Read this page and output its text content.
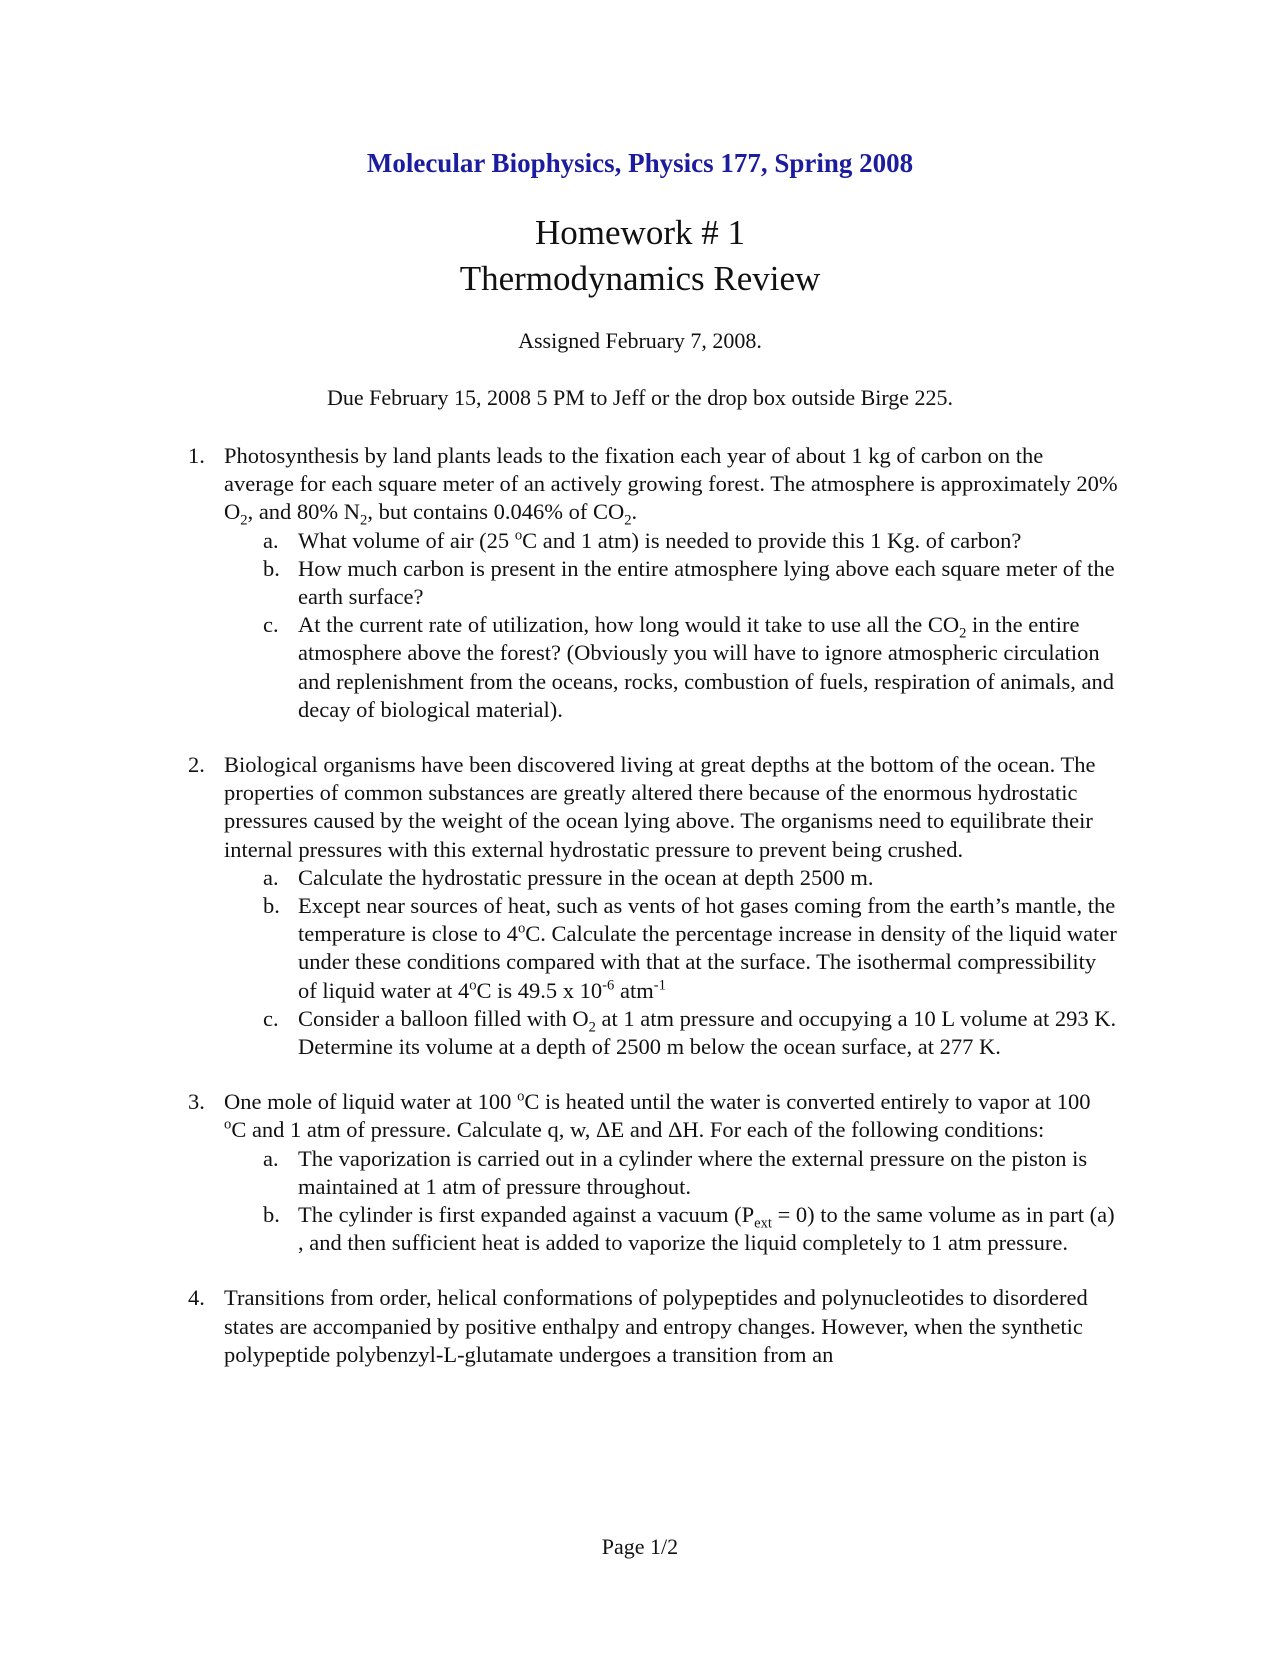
Molecular Biophysics, Physics 177, Spring 2008
Homework # 1
Thermodynamics Review
Assigned February 7, 2008.
Due February 15, 2008 5 PM to Jeff or the drop box outside Birge 225.
1. Photosynthesis by land plants leads to the fixation each year of about 1 kg of carbon on the average for each square meter of an actively growing forest. The atmosphere is approximately 20% $O_2$, and 80% $N_2$, but contains 0.046% of $CO_2$.
a. What volume of air (25 $^o$C and 1 atm) is needed to provide this 1 Kg. of carbon?
b. How much carbon is present in the entire atmosphere lying above each square meter of the earth surface?
c. At the current rate of utilization, how long would it take to use all the $CO_2$ in the entire atmosphere above the forest? (Obviously you will have to ignore atmospheric circulation and replenishment from the oceans, rocks, combustion of fuels, respiration of animals, and decay of biological material).
2. Biological organisms have been discovered living at great depths at the bottom of the ocean. The properties of common substances are greatly altered there because of the enormous hydrostatic pressures caused by the weight of the ocean lying above. The organisms need to equilibrate their internal pressures with this external hydrostatic pressure to prevent being crushed.
a. Calculate the hydrostatic pressure in the ocean at depth 2500 m.
b. Except near sources of heat, such as vents of hot gases coming from the earth’s mantle, the temperature is close to 4$^o$C. Calculate the percentage increase in density of the liquid water under these conditions compared with that at the surface. The isothermal compressibility of liquid water at 4$^o$C is 49.5 x $10^{-6}$ atm$^{-1}$
c. Consider a balloon filled with $O_2$ at 1 atm pressure and occupying a 10 L volume at 293 K. Determine its volume at a depth of 2500 m below the ocean surface, at 277 K.
3. One mole of liquid water at 100 $^o$C is heated until the water is converted entirely to vapor at 100 $^o$C and 1 atm of pressure. Calculate q, w, ΔE and ΔH. For each of the following conditions:
a. The vaporization is carried out in a cylinder where the external pressure on the piston is maintained at 1 atm of pressure throughout.
b. The cylinder is first expanded against a vacuum $(P_{ext} = 0)$ to the same volume as in part (a) , and then sufficient heat is added to vaporize the liquid completely to 1 atm pressure.
4. Transitions from order, helical conformations of polypeptides and polynucleotides to disordered states are accompanied by positive enthalpy and entropy changes. However, when the synthetic polypeptide polybenzyl-L-glutamate undergoes a transition from an
Page 1/2
